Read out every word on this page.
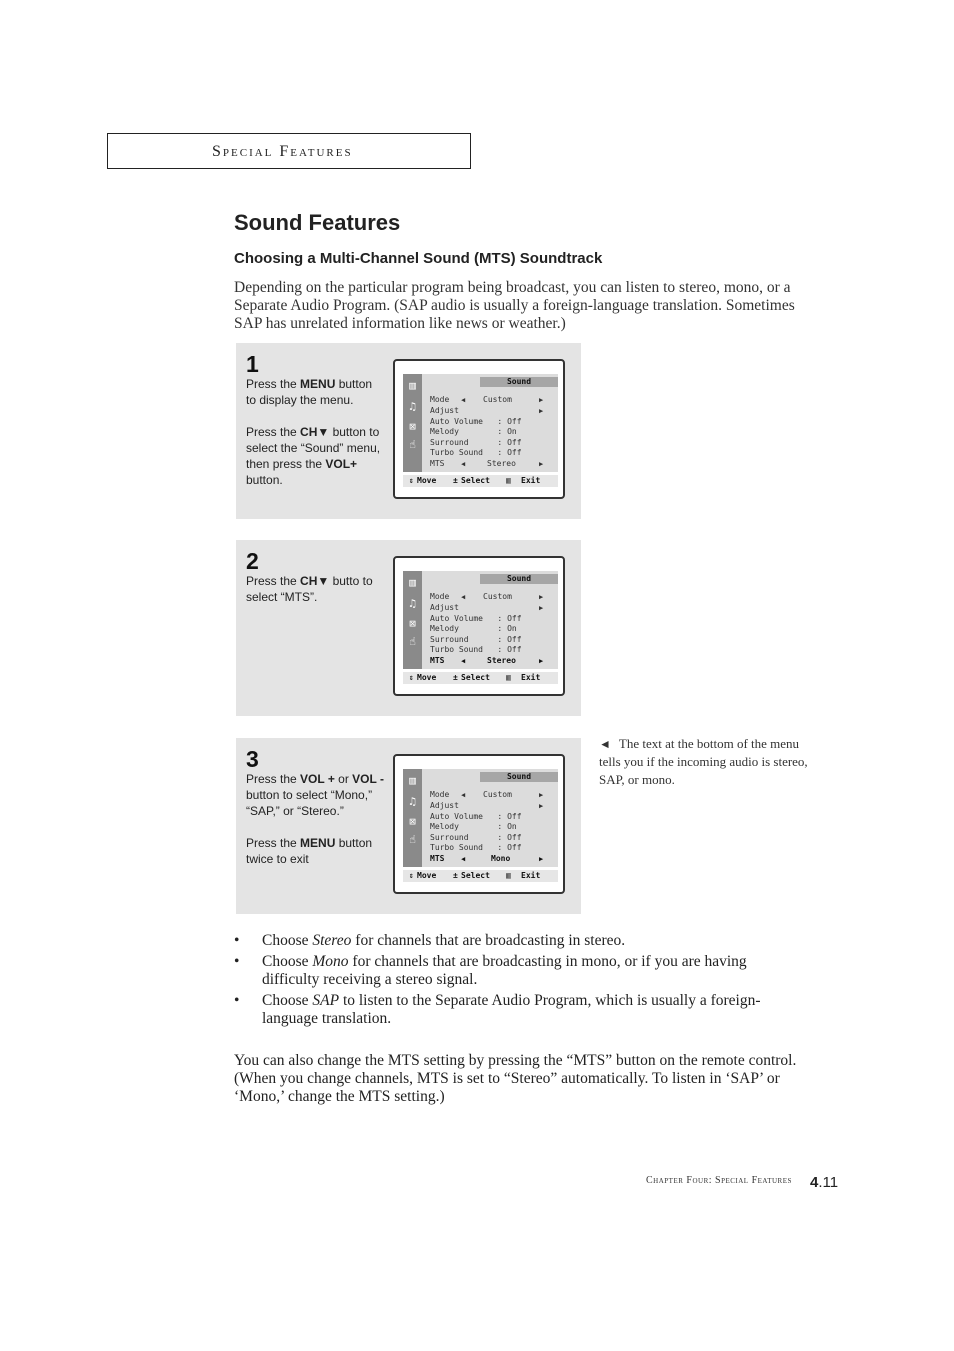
Special Features
Sound Features
Choosing a Multi-Channel Sound (MTS) Soundtrack
Depending on the particular program being broadcast, you can listen to stereo, mono, or a Separate Audio Program. (SAP audio is usually a foreign-language translation. Sometimes SAP has unrelated information like news or weather.)
1

Press the MENU button to display the menu.

Press the CH▼ button to select the “Sound” menu, then press the VOL+ button.

▥
♫
⊠
☝
Sound
Mode ◀ Custom	▶
Adjust	▶
Auto Volume   : Off
Melody        : On
Surround      : Off
Turbo Sound   : Off
MTS ◀	Stereo	▶
⇕ Move ± Select ▥ Exit
2

Press the CH▼ butto to select “MTS”.

▥
♫
⊠
☝
Sound
Mode ◀ Custom	▶
Adjust	▶
Auto Volume   : Off
Melody        : On
Surround      : Off
Turbo Sound   : Off
MTS ◀	Stereo	▶
⇕ Move ± Select ▥ Exit
3

Press the VOL + or VOL - button to select “Mono,” “SAP,” or “Stereo.”

Press the MENU button twice to exit

▥
♫
⊠
☝
Sound
Mode ◀ Custom	▶
Adjust	▶
Auto Volume   : Off
Melody        : On
Surround      : Off
Turbo Sound   : Off
MTS ◀	Mono	▶
⇕ Move ± Select ▥ Exit
◄ The text at the bottom of the menu tells you if the incoming audio is stereo, SAP, or mono.
• Choose Stereo for channels that are broadcasting in stereo.
• Choose Mono for channels that are broadcasting in mono, or if you are having difficulty receiving a stereo signal.
• Choose SAP to listen to the Separate Audio Program, which is usually a foreign-language translation.
You can also change the MTS setting by pressing the “MTS” button on the remote control. (When you change channels, MTS is set to “Stereo” automatically. To listen in ‘SAP’ or ‘Mono,’ change the MTS setting.)
Chapter Four: Special Features 4.11
